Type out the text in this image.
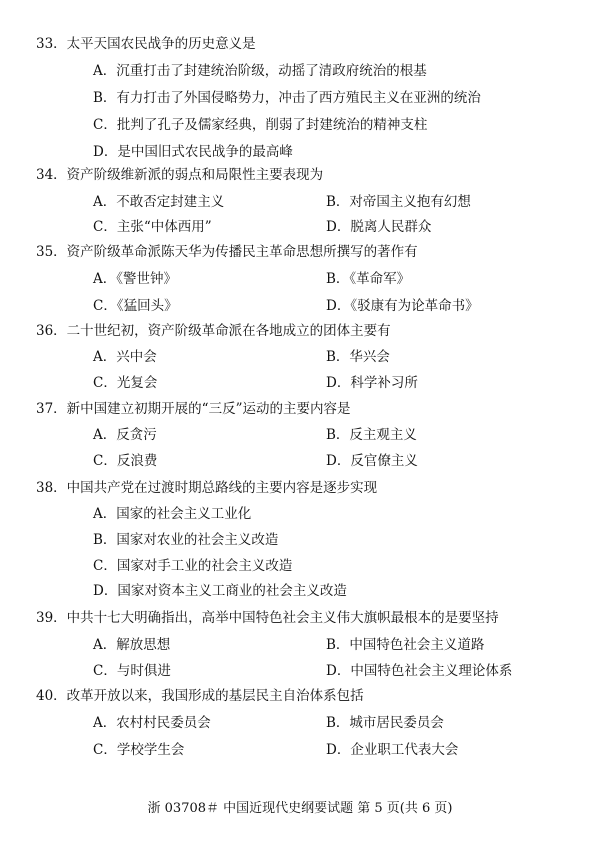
33．太平天国农民战争的历史意义是
A．沉重打击了封建统治阶级，动摇了清政府统治的根基
B．有力打击了外国侵略势力，冲击了西方殖民主义在亚洲的统治
C．批判了孔子及儒家经典，削弱了封建统治的精神支柱
D．是中国旧式农民战争的最高峰
34．资产阶级维新派的弱点和局限性主要表现为
A．不敢否定封建主义	B．对帝国主义抱有幻想
C．主张“中体西用”	D．脱离人民群众
35．资产阶级革命派陈天华为传播民主革命思想所撰写的著作有
A．《警世钟》	B．《革命军》
C．《猛回头》	D．《驳康有为论革命书》
36．二十世纪初，资产阶级革命派在各地成立的团体主要有
A．兴中会	B．华兴会
C．光复会	D．科学补习所
37．新中国建立初期开展的“三反”运动的主要内容是
A．反贪污	B．反主观主义
C．反浪费	D．反官僚主义
38．中国共产党在过渡时期总路线的主要内容是逐步实现
A．国家的社会主义工业化
B．国家对农业的社会主义改造
C．国家对手工业的社会主义改造
D．国家对资本主义工商业的社会主义改造
39．中共十七大明确指出，高举中国特色社会主义伟大旗帜最根本的是要坚持
A．解放思想	B．中国特色社会主义道路
C．与时俱进	D．中国特色社会主义理论体系
40．改革开放以来，我国形成的基层民主自治体系包括
A．农村村民委员会	B．城市居民委员会
C．学校学生会	D．企业职工代表大会
浙 03708＃ 中国近现代史纲要试题 第 5 页(共 6 页)
